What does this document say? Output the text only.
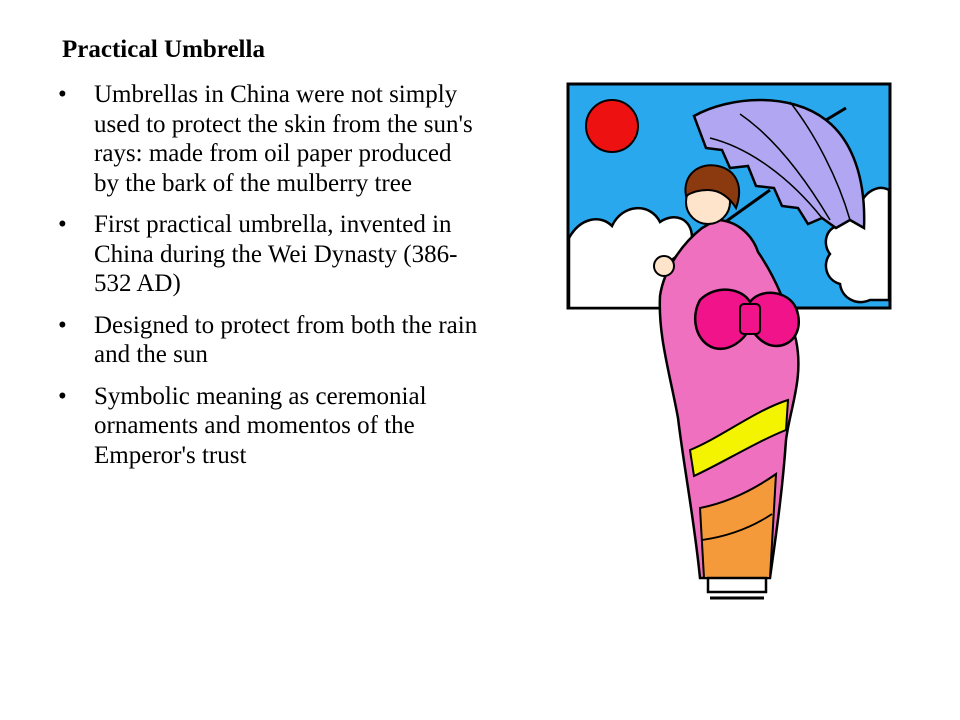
Practical Umbrella
•	Umbrellas in China were not simply used to protect the skin from the sun's rays: made from oil paper produced by the bark of the mulberry tree
•	First practical umbrella, invented in China during the Wei Dynasty (386-532 AD)
•	Designed to protect from both the rain and the sun
•	Symbolic meaning as ceremonial ornaments and momentos of the Emperor's trust
